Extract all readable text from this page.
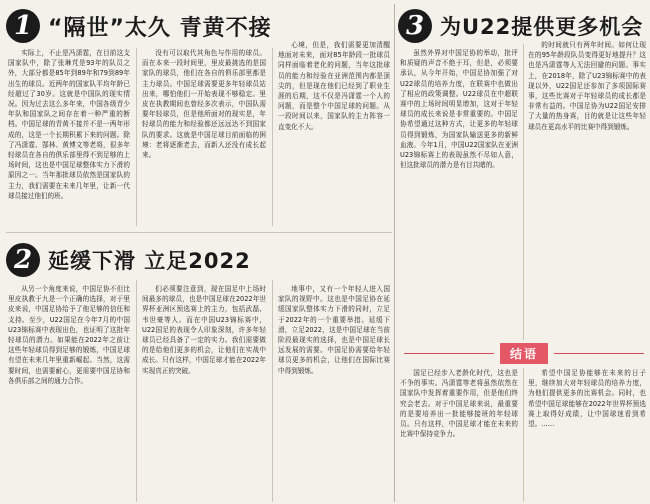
1 “隔世”太久 青黄不接

实际上，不止是冯潇霆，在目前这支国家队中，除了张琳芃是93年的队员之外，大部分都是85年到89年和79到89年出生的球员。近两年的国家队平均年龄已经超过了30岁。这就是中国队的现实情况。因为过去这么多年来，中国各级青少年队和国家队之间存在着一种严重的断档。中国足球的青黄不接并不是一两年形成的，这是一个长期积累下来的问题。除了冯潇霆、郜林、黄博文等老将，很多年轻球员在各自的俱乐部里得不到足够的上场时间，这也是中国足球整体实力下滑的原因之一。当年那批球员依然是国家队的主力，我们需要在未来几年里，让新一代球员接过他们的班。

没有可以取代其角色与作用的球员。而在本来一段时间里，里皮最挑选的是国家队的球员，他们在各自的俱乐部里都是主力球员。中国足球需要更多年轻球员站出来，哪怕他们一开始表现不够稳定。里皮在执教期间也曾经多次表示，中国队需要年轻球员，但是他所面对的现实是，年轻球员的能力和经验都还远远达不到国家队的要求。这就是中国足球目前面临的困境：老将逐渐老去，而新人还没有成长起来。

心境，但是，我们需要更加清醒地面对未来，面对85年龄段一批球员同样面临着老化的问题，当年这批球员的能力和经验在亚洲范围内都是顶尖的，但是现在他们已经到了职业生涯的后期，这不仅是冯潇霆一个人的问题，而是整个中国足球的问题。从一段时间以来，国家队的主力阵容一直变化不大。

2 延缓下滑 立足2022

从另一个角度来说，中国足协不但比里皮执教于九是一个正确的选择，对于里皮来说，中国足协给予了他足够的信任和支持。至少，U22国足在今年7月的中国U23锦标赛中表现出色，也证明了这批年轻球员的潜力。如果能在2022年之前让这些年轻球员得到足够的锻炼，中国足球有望在未来几年里重新崛起。当然，这需要时间，也需要耐心，更需要中国足协和各俱乐部之间的通力合作。

们必须要注意到，现在国足中上场时间最多的球员，也是中国足球在2022年世界杯亚洲区预选赛上的主力，包括武磊、韦世豪等人。而在中国U23锦标赛中，U22国足的表现令人印象深刻，许多年轻球员已经具备了一定的实力。我们需要做的是给他们更多的机会，让他们在实战中成长。只有这样，中国足球才能在2022年实现真正的突破。

地事中，又有一个年轻人进入国家队的视野中。这也是中国足协在延缓国家队整体实力下滑的同时，立足于2022年的一个重要举措。延缓下滑，立足2022，这是中国足球在当前阶段最现实的选择，也是中国足球长远发展的需要。中国足协需要给年轻球员更多的机会，让他们在国际比赛中得到锻炼。

3 为U22提供更多机会

虽然外界对中国足协的举动，批评和质疑的声音不绝于耳，但是，必须要承认，从今年开始，中国足协加强了对U22球员的培养力度，在联赛中也做出了相应的政策调整。U22球员在中超联赛中的上场时间明显增加，这对于年轻球员的成长来说是非常重要的。中国足协希望通过这种方式，让更多的年轻球员得到锻炼，为国家队输送更多的新鲜血液。今年1月，中国U22国家队在亚洲U23锦标赛上的表现虽然不尽如人意，但这批球员的潜力是有目共睹的。

的时间就只有两年时间。如何让现在的95年龄段队员变得更好地提升？这也是冯潇霆等人无法回避的问题。事实上，在2018年，除了U23锦标赛中的表现以外，U22国足还参加了多项国际赛事，这些比赛对于年轻球员的成长都是非常有益的。中国足协为U22国足安排了大量的热身赛，目的就是让这些年轻球员在更高水平的比赛中得到锻炼。

结语

国足已经步入老龄化时代，这也是不争的事实。冯潇霆等老将虽然依然在国家队中发挥着重要作用，但是他们终究会老去。对于中国足球来说，最重要的是要培养出一批能够接班的年轻球员。只有这样，中国足球才能在未来的比赛中保持竞争力。

希望中国足协能够在未来的日子里，继续加大对年轻球员的培养力度，为他们提供更多的比赛机会。同时，也希望中国足球能够在2022年世界杯预选赛上取得好成绩，让中国球迷看到希望。……
